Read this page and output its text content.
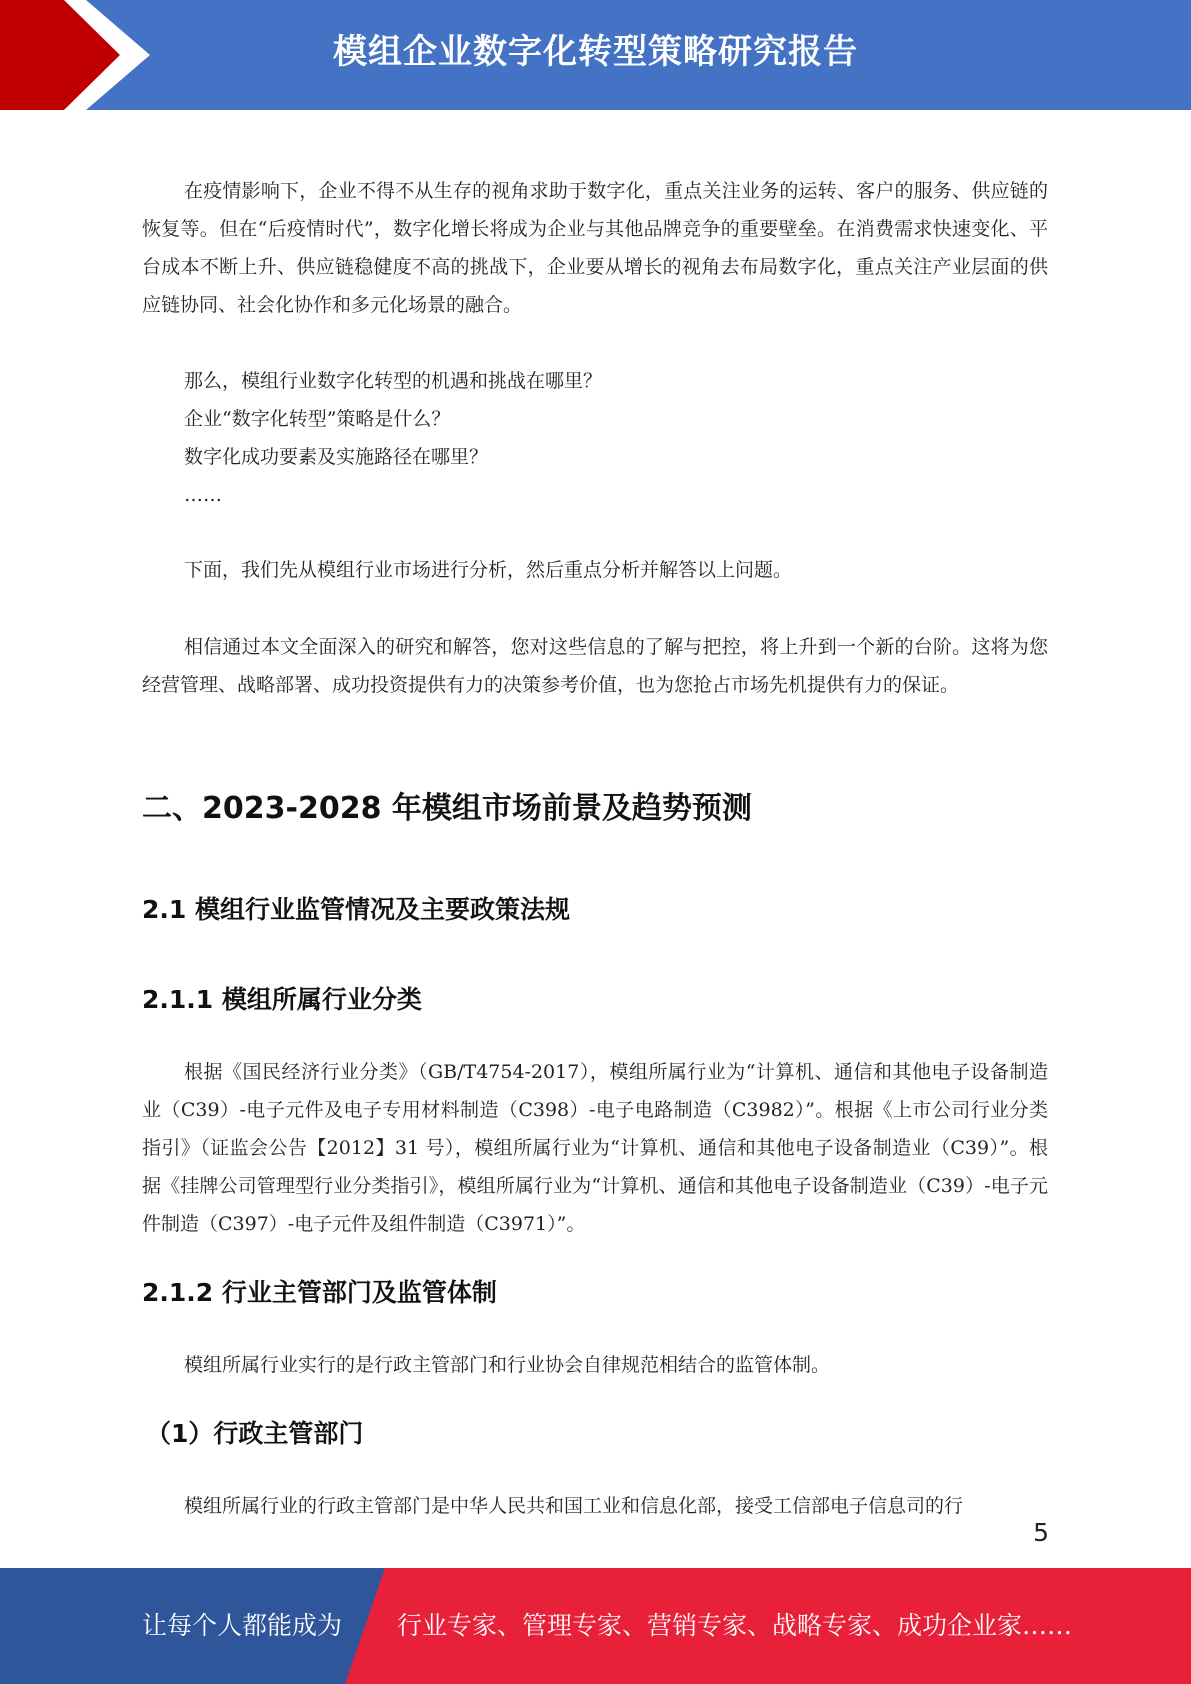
模组企业数字化转型策略研究报告

在疫情影响下，企业不得不从生存的视角求助于数字化，重点关注业务的运转、客户的服务、供应链的恢复等。但在“后疫情时代”，数字化增长将成为企业与其他品牌竞争的重要壁垒。在消费需求快速变化、平台成本不断上升、供应链稳健度不高的挑战下，企业要从增长的视角去布局数字化，重点关注产业层面的供应链协同、社会化协作和多元化场景的融合。

那么，模组行业数字化转型的机遇和挑战在哪里？
企业“数字化转型”策略是什么？
数字化成功要素及实施路径在哪里？
……

下面，我们先从模组行业市场进行分析，然后重点分析并解答以上问题。

相信通过本文全面深入的研究和解答，您对这些信息的了解与把控，将上升到一个新的台阶。这将为您经营管理、战略部署、成功投资提供有力的决策参考价值，也为您抢占市场先机提供有力的保证。

二、2023-2028 年模组市场前景及趋势预测
2.1 模组行业监管情况及主要政策法规
2.1.1 模组所属行业分类

根据《国民经济行业分类》（GB/T4754-2017），模组所属行业为“计算机、通信和其他电子设备制造业（C39）-电子元件及电子专用材料制造（C398）-电子电路制造（C3982）”。根据《上市公司行业分类指引》（证监会公告【2012】31 号），模组所属行业为“计算机、通信和其他电子设备制造业（C39）”。根据《挂牌公司管理型行业分类指引》，模组所属行业为“计算机、通信和其他电子设备制造业（C39）-电子元件制造（C397）-电子元件及组件制造（C3971）”。

2.1.2 行业主管部门及监管体制

模组所属行业实行的是行政主管部门和行业协会自律规范相结合的监管体制。

（1）行政主管部门

模组所属行业的行政主管部门是中华人民共和国工业和信息化部，接受工信部电子信息司的行

5
让每个人都能成为 行业专家、管理专家、营销专家、战略专家、成功企业家……
